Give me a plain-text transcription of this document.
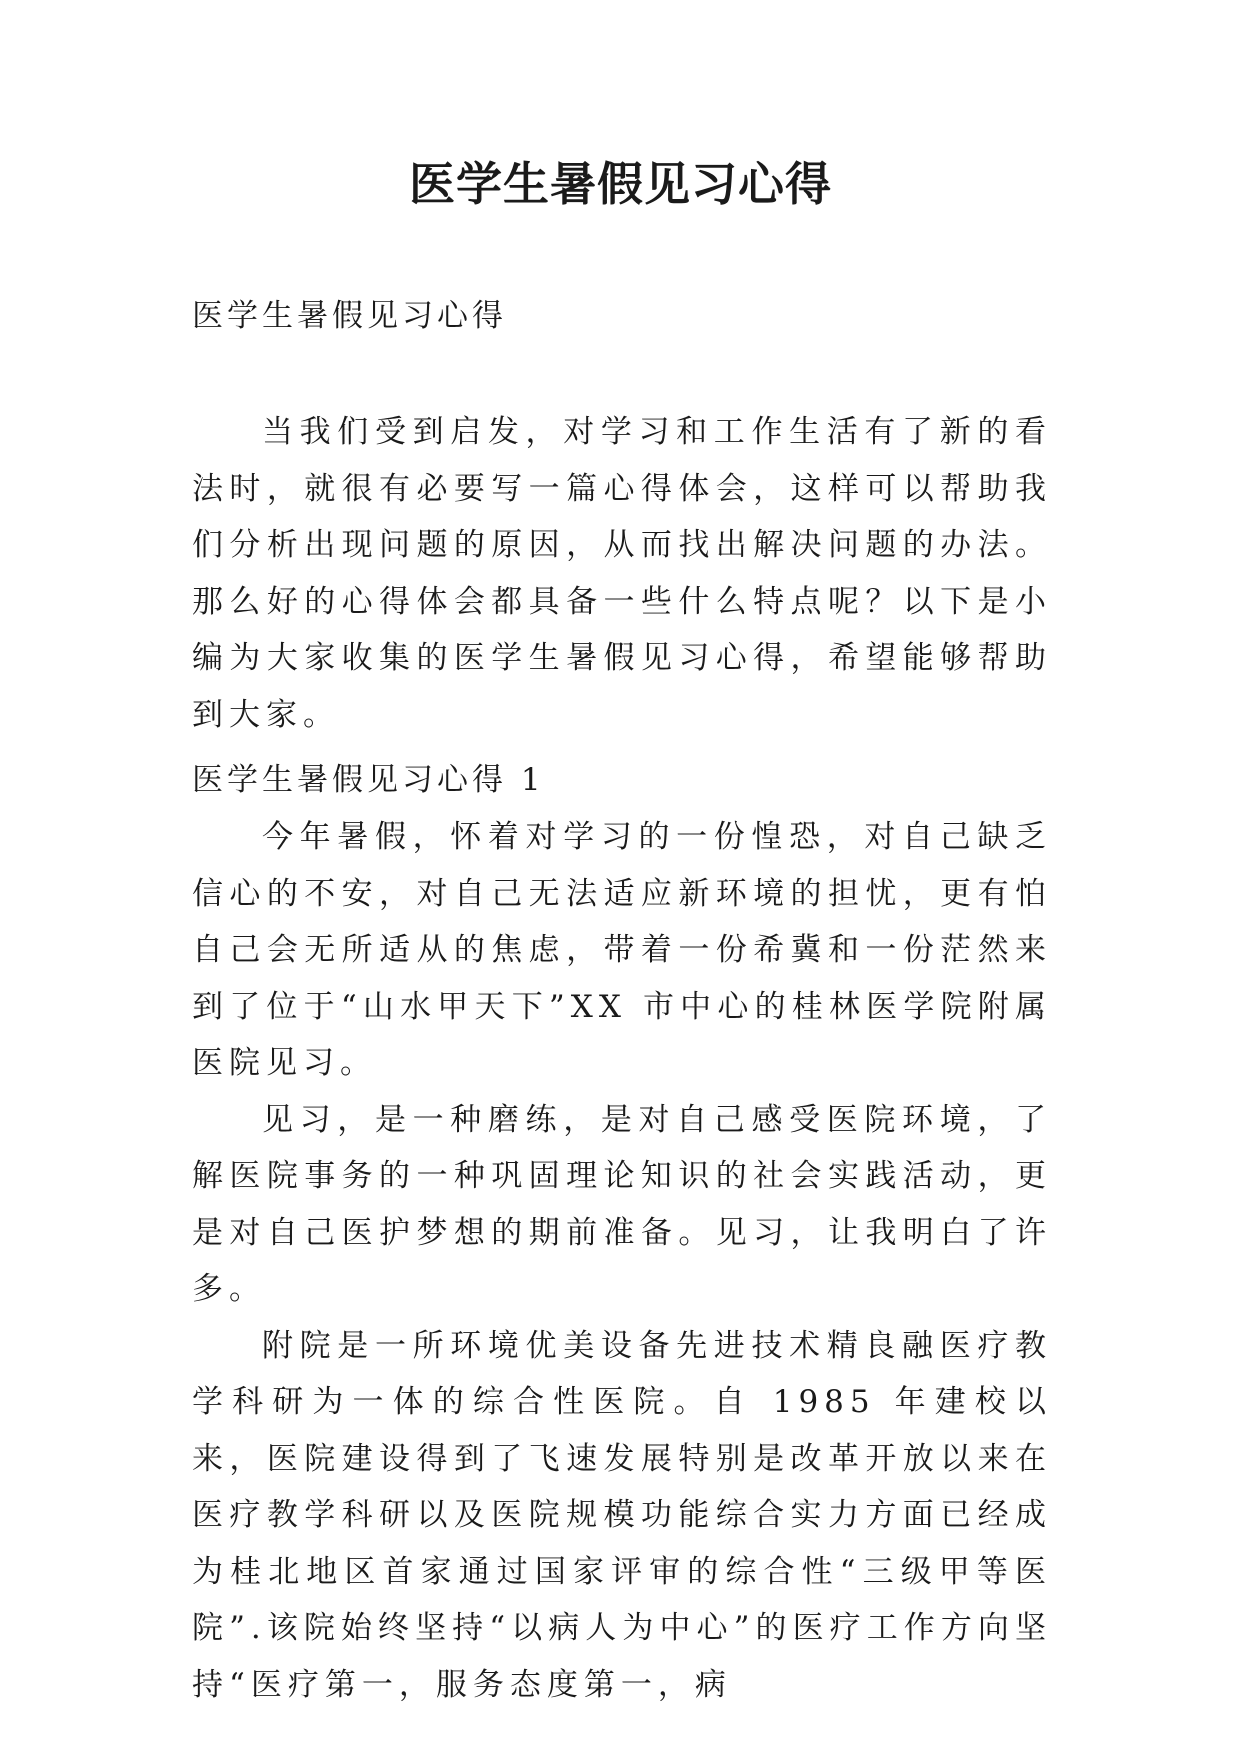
医学生暑假见习心得
医学生暑假见习心得

当我们受到启发，对学习和工作生活有了新的看法时，就很有必要写一篇心得体会，这样可以帮助我们分析出现问题的原因，从而找出解决问题的办法。那么好的心得体会都具备一些什么特点呢？以下是小编为大家收集的医学生暑假见习心得，希望能够帮助到大家。

医学生暑假见习心得 1

今年暑假，怀着对学习的一份惶恐，对自己缺乏信心的不安，对自己无法适应新环境的担忧，更有怕自己会无所适从的焦虑，带着一份希冀和一份茫然来到了位于“山水甲天下”XX 市中心的桂林医学院附属医院见习。

见习，是一种磨练，是对自己感受医院环境，了解医院事务的一种巩固理论知识的社会实践活动，更是对自己医护梦想的期前准备。见习，让我明白了许多。

附院是一所环境优美设备先进技术精良融医疗教学科研为一体的综合性医院。自 1985 年建校以来，医院建设得到了飞速发展特别是改革开放以来在医疗教学科研以及医院规模功能综合实力方面已经成为桂北地区首家通过国家评审的综合性“三级甲等医院”.该院始终坚持“以病人为中心”的医疗工作方向坚持“医疗第一，服务态度第一，病
